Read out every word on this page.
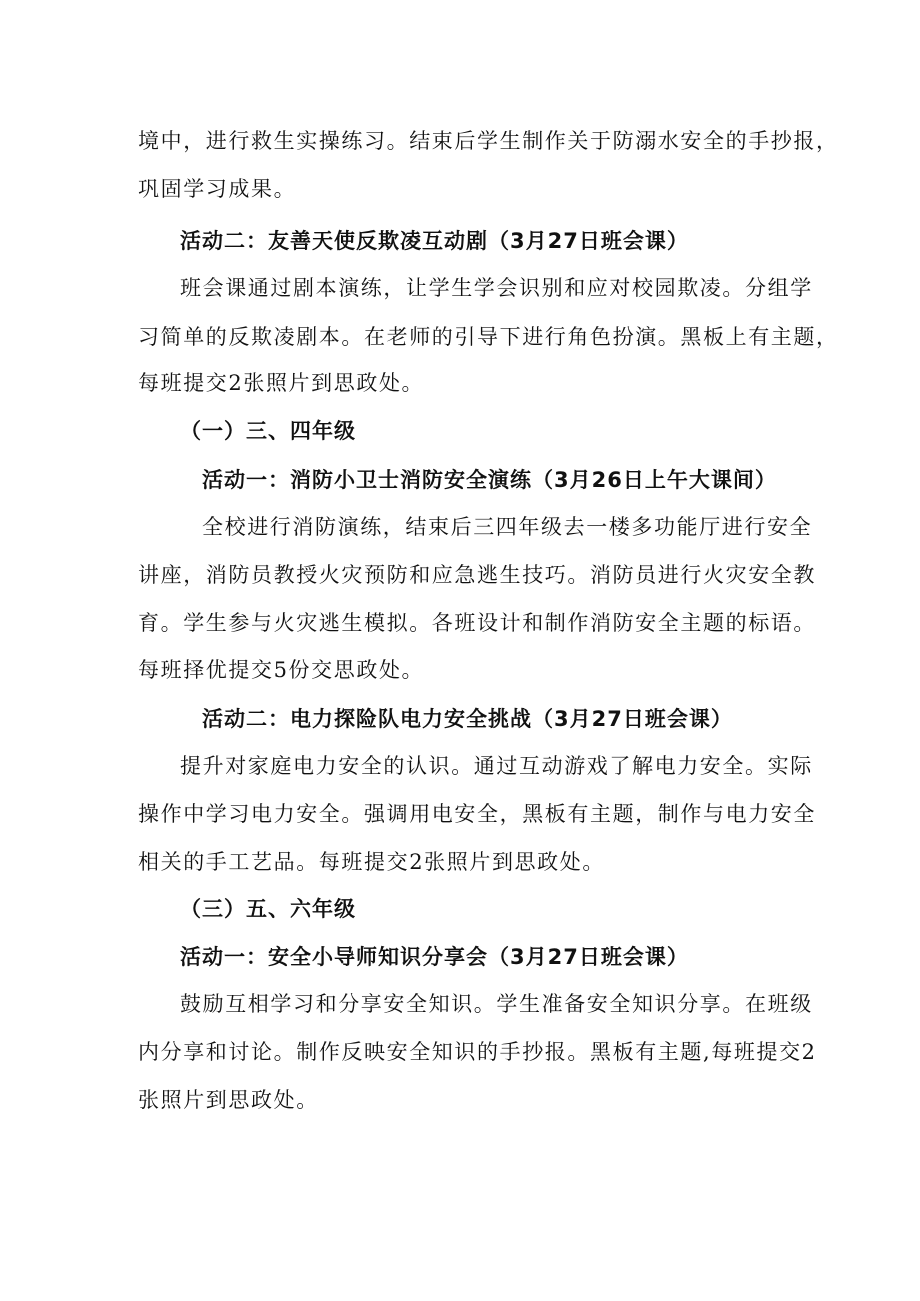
境中，进行救生实操练习。结束后学生制作关于防溺水安全的手抄报，
巩固学习成果。
活动二：友善天使反欺凌互动剧（3月27日班会课）
班会课通过剧本演练，让学生学会识别和应对校园欺凌。分组学
习简单的反欺凌剧本。在老师的引导下进行角色扮演。黑板上有主题，
每班提交2张照片到思政处。
（一）三、四年级
活动一：消防小卫士消防安全演练（3月26日上午大课间）
全校进行消防演练，结束后三四年级去一楼多功能厅进行安全
讲座，消防员教授火灾预防和应急逃生技巧。消防员进行火灾安全教
育。学生参与火灾逃生模拟。各班设计和制作消防安全主题的标语。
每班择优提交5份交思政处。
活动二：电力探险队电力安全挑战（3月27日班会课）
提升对家庭电力安全的认识。通过互动游戏了解电力安全。实际
操作中学习电力安全。强调用电安全，黑板有主题，制作与电力安全
相关的手工艺品。每班提交2张照片到思政处。
（三）五、六年级
活动一：安全小导师知识分享会（3月27日班会课）
鼓励互相学习和分享安全知识。学生准备安全知识分享。在班级
内分享和讨论。制作反映安全知识的手抄报。黑板有主题,每班提交2
张照片到思政处。
